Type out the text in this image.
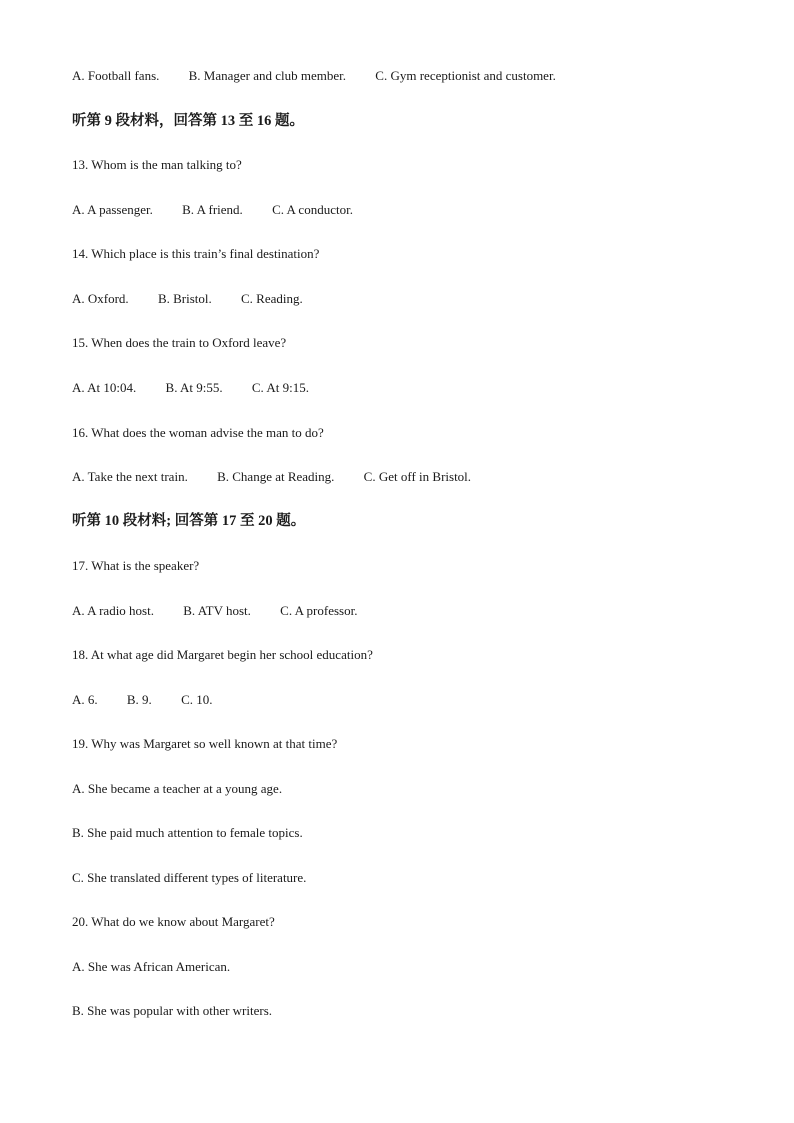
A. Football fans. B. Manager and club member. C. Gym receptionist and customer.
听第 9 段材料，回答第 13 至 16 题。
13. Whom is the man talking to?
A. A passenger. B. A friend. C. A conductor.
14. Which place is this train’s final destination?
A. Oxford. B. Bristol. C. Reading.
15. When does the train to Oxford leave?
A. At 10:04. B. At 9:55. C. At 9:15.
16. What does the woman advise the man to do?
A. Take the next train. B. Change at Reading. C. Get off in Bristol.
听第 10 段材料; 回答第 17 至 20 题。
17. What is the speaker?
A. A radio host. B. ATV host. C. A professor.
18. At what age did Margaret begin her school education?
A. 6. B. 9. C. 10.
19. Why was Margaret so well known at that time?
A. She became a teacher at a young age.
B. She paid much attention to female topics.
C. She translated different types of literature.
20. What do we know about Margaret?
A. She was African American.
B. She was popular with other writers.
